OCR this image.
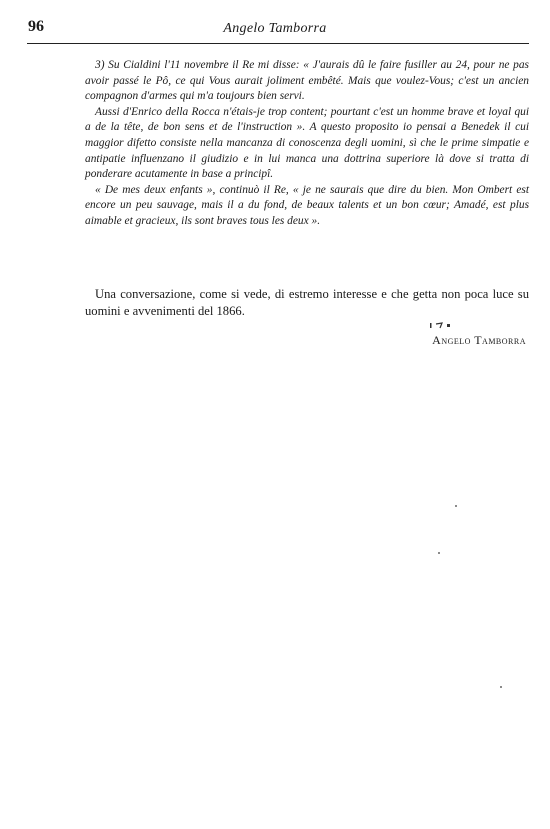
96	Angelo Tamborra

3) Su Cialdini l'11 novembre il Re mi disse: « J'aurais dû le faire fusiller au 24, pour ne pas avoir passé le Pô, ce qui Vous aurait joliment embêté. Mais que voulez-Vous; c'est un ancien compagnon d'armes qui m'a toujours bien servi.

Aussi d'Enrico della Rocca n'étais-je trop content; pourtant c'est un homme brave et loyal qui a de la tête, de bon sens et de l'instruction ». A questo proposito io pensai a Benedek il cui maggior difetto consiste nella mancanza di conoscenza degli uomini, sì che le prime simpatie e antipatie influenzano il giudizio e in lui manca una dottrina superiore là dove si tratta di ponderare acutamente in base a principî.

« De mes deux enfants », continuò il Re, « je ne saurais que dire du bien. Mon Ombert est encore un peu sauvage, mais il a du fond, de beaux talents et un bon cœur; Amadé, est plus aimable et gracieux, ils sont braves tous les deux ».

Una conversazione, come si vede, di estremo interesse e che getta non poca luce su uomini e avvenimenti del 1866.

Angelo Tamborra
